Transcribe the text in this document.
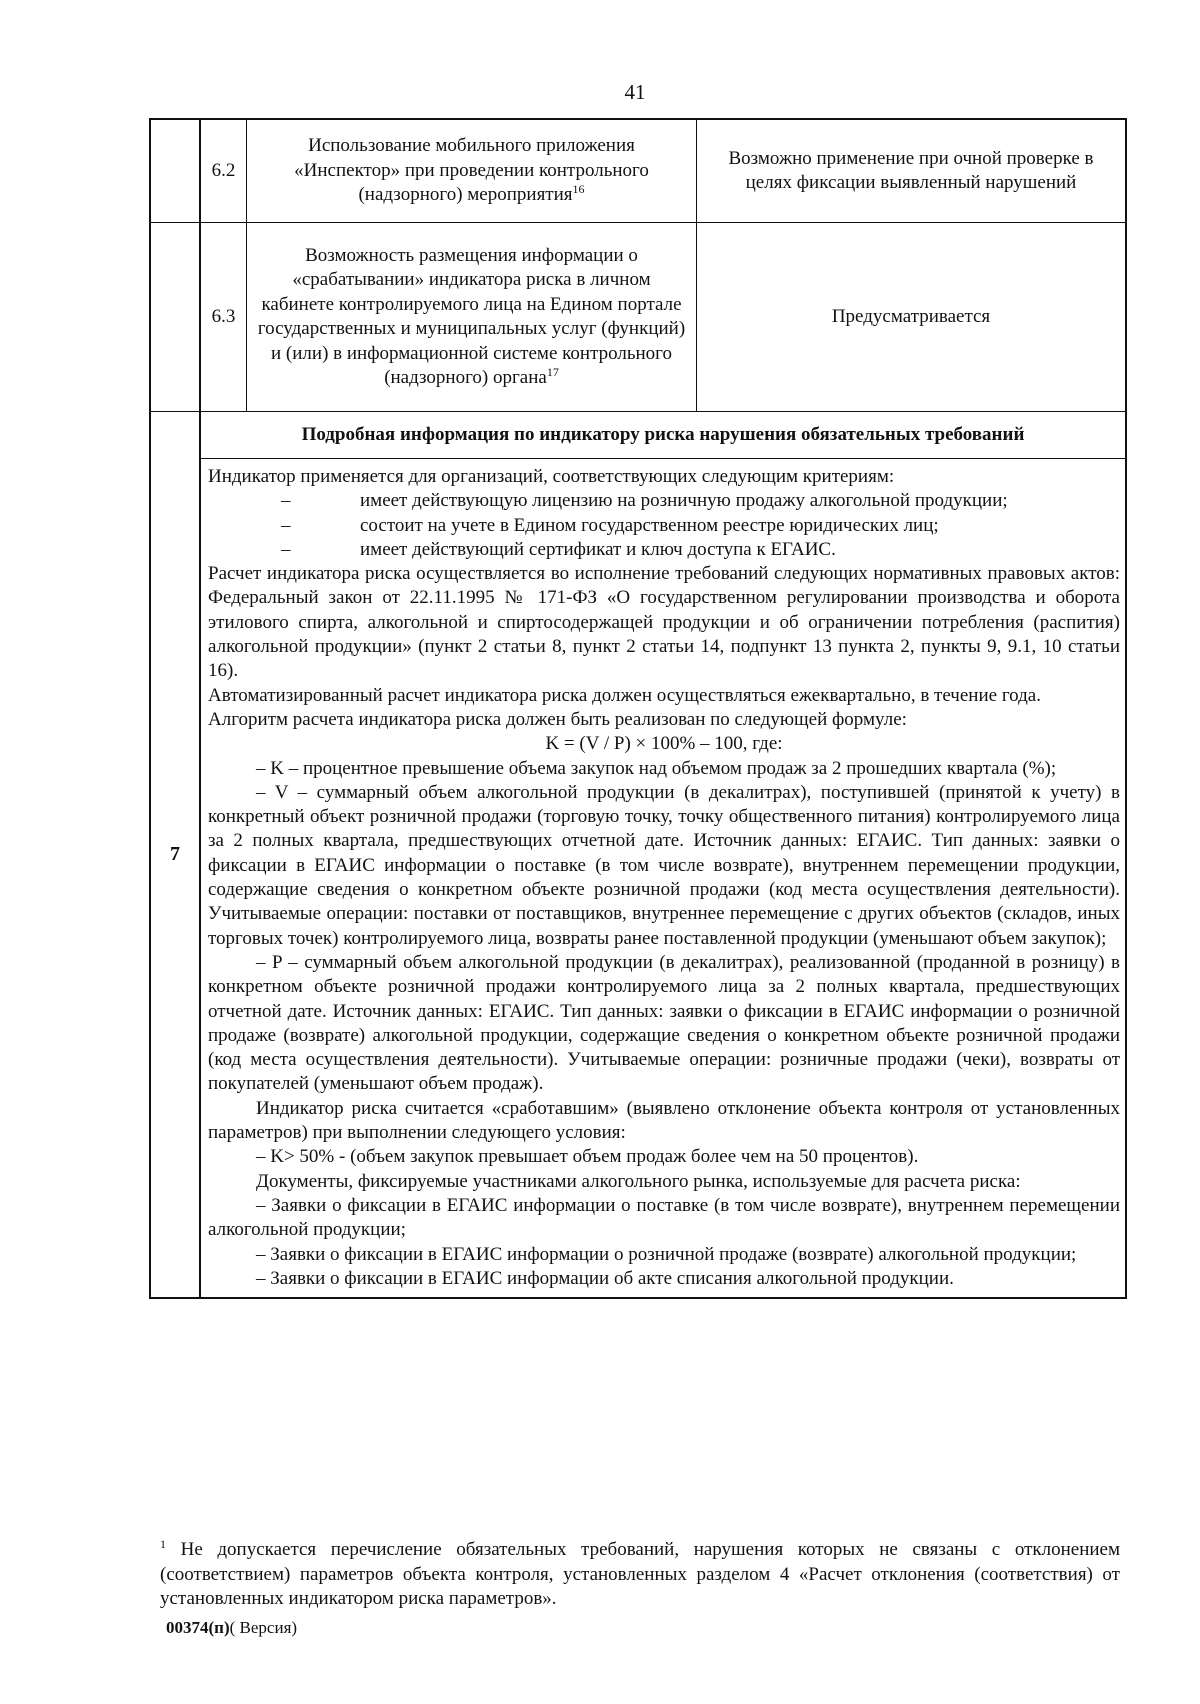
41
6.2
Использование мобильного приложения «Инспектор» при проведении контрольного (надзорного) мероприятия$^{16}$
Возможно применение при очной проверке в целях фиксации выявленный нарушений
6.3
Возможность размещения информации о «срабатывании» индикатора риска в личном кабинете контролируемого лица на Едином портале государственных и муниципальных услуг (функций) и (или) в информационной системе контрольного (надзорного) органа$^{17}$
Предусматривается
7
Подробная информация по индикатору риска нарушения обязательных требований

Индикатор применяется для организаций, соответствующих следующим критериям:

– имеет действующую лицензию на розничную продажу алкогольной продукции;

– состоит на учете в Едином государственном реестре юридических лиц;

– имеет действующий сертификат и ключ доступа к ЕГАИС.

Расчет индикатора риска осуществляется во исполнение требований следующих нормативных правовых актов: Федеральный закон от 22.11.1995 № 171-ФЗ «О государственном регулировании производства и оборота этилового спирта, алкогольной и спиртосодержащей продукции и об ограничении потребления (распития) алкогольной продукции» (пункт 2 статьи 8, пункт 2 статьи 14, подпункт 13 пункта 2, пункты 9, 9.1, 10 статьи 16).

Автоматизированный расчет индикатора риска должен осуществляться ежеквартально, в течение года.

Алгоритм расчета индикатора риска должен быть реализован по следующей формуле:

K = (V / P) × 100% – 100, где:

– K – процентное превышение объема закупок над объемом продаж за 2 прошедших квартала (%);

– V – суммарный объем алкогольной продукции (в декалитрах), поступившей (принятой к учету) в конкретный объект розничной продажи (торговую точку, точку общественного питания) контролируемого лица за 2 полных квартала, предшествующих отчетной дате. Источник данных: ЕГАИС. Тип данных: заявки о фиксации в ЕГАИС информации о поставке (в том числе возврате), внутреннем перемещении продукции, содержащие сведения о конкретном объекте розничной продажи (код места осуществления деятельности). Учитываемые операции: поставки от поставщиков, внутреннее перемещение с других объектов (складов, иных торговых точек) контролируемого лица, возвраты ранее поставленной продукции (уменьшают объем закупок);

– P – суммарный объем алкогольной продукции (в декалитрах), реализованной (проданной в розницу) в конкретном объекте розничной продажи контролируемого лица за 2 полных квартала, предшествующих отчетной дате. Источник данных: ЕГАИС. Тип данных: заявки о фиксации в ЕГАИС информации о розничной продаже (возврате) алкогольной продукции, содержащие сведения о конкретном объекте розничной продажи (код места осуществления деятельности). Учитываемые операции: розничные продажи (чеки), возвраты от покупателей (уменьшают объем продаж).

Индикатор риска считается «сработавшим» (выявлено отклонение объекта контроля от установленных параметров) при выполнении следующего условия:

– K> 50% - (объем закупок превышает объем продаж более чем на 50 процентов).

Документы, фиксируемые участниками алкогольного рынка, используемые для расчета риска:

– Заявки о фиксации в ЕГАИС информации о поставке (в том числе возврате), внутреннем перемещении алкогольной продукции;

– Заявки о фиксации в ЕГАИС информации о розничной продаже (возврате) алкогольной продукции;

– Заявки о фиксации в ЕГАИС информации об акте списания алкогольной продукции.

$^1$ Не допускается перечисление обязательных требований, нарушения которых не связаны с отклонением (соответствием) параметров объекта контроля, установленных разделом 4 «Расчет отклонения (соответствия) от установленных индикатором риска параметров».

00374(п)( Версия)
